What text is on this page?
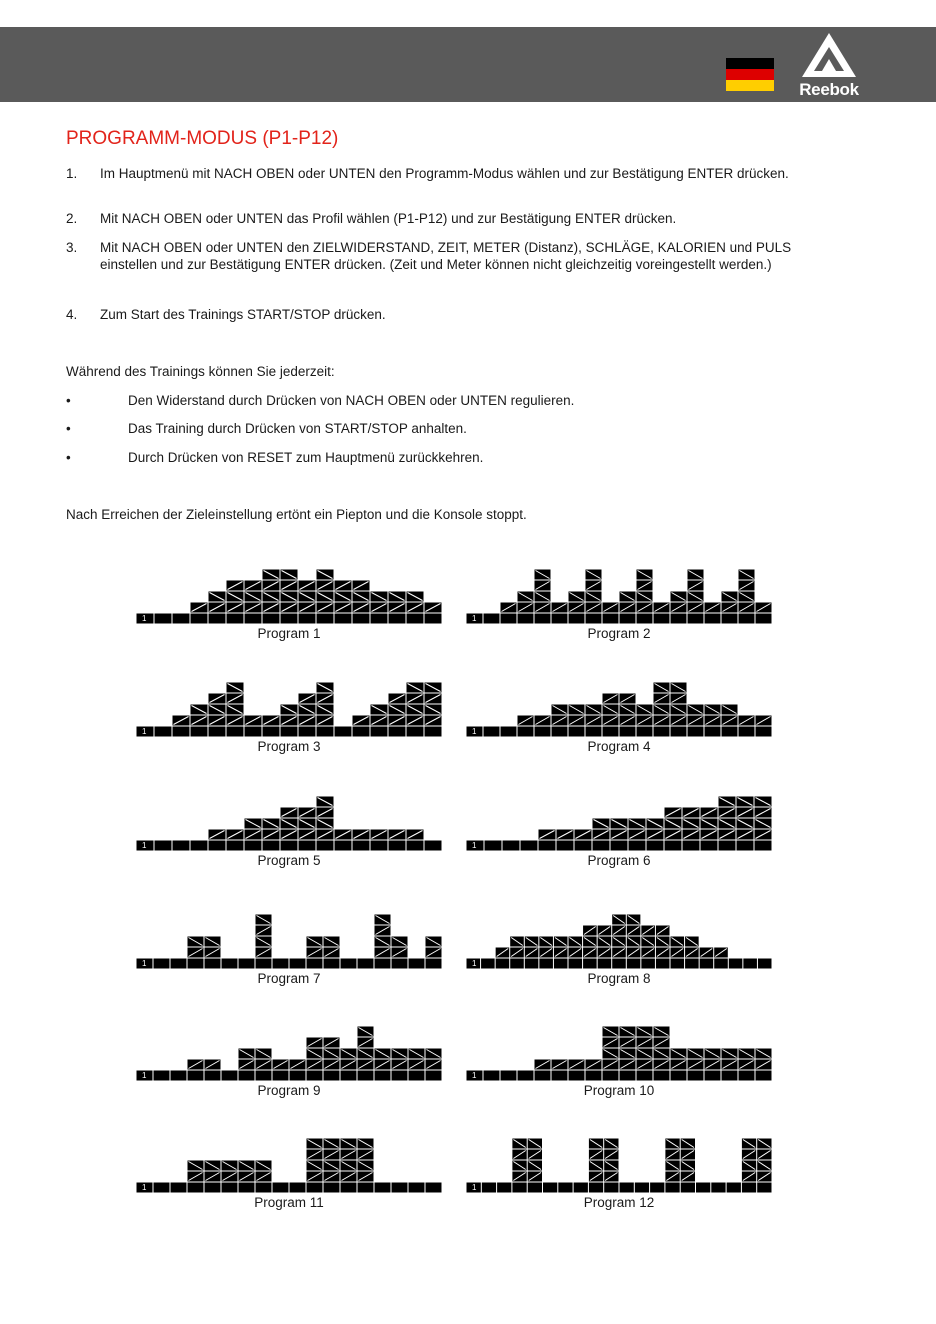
Reebok
PROGRAMM-MODUS (P1-P12)
1. Im Hauptmenü mit NACH OBEN oder UNTEN den Programm-Modus wählen und zur Bestätigung ENTER drücken.
2. Mit NACH OBEN oder UNTEN das Profil wählen (P1-P12) und zur Bestätigung ENTER drücken.
3. Mit NACH OBEN oder UNTEN den ZIELWIDERSTAND, ZEIT, METER (Distanz), SCHLÄGE, KALORIEN und PULS einstellen und zur Bestätigung ENTER drücken. (Zeit und Meter können nicht gleichzeitig voreingestellt werden.)
4. Zum Start des Trainings START/STOP drücken.
Während des Trainings können Sie jederzeit:
•	Den Widerstand durch Drücken von NACH OBEN oder UNTEN regulieren.
•	Das Training durch Drücken von START/STOP anhalten.
•	Durch Drücken von RESET zum Hauptmenü zurückkehren.
Nach Erreichen der Zieleinstellung ertönt ein Piepton und die Konsole stoppt.
1
Program 1
1
Program 2
1
Program 3
1
Program 4
1
Program 5
1
Program 6
1
Program 7
1
Program 8
1
Program 9
1
Program 10
1
Program 11
1
Program 12
